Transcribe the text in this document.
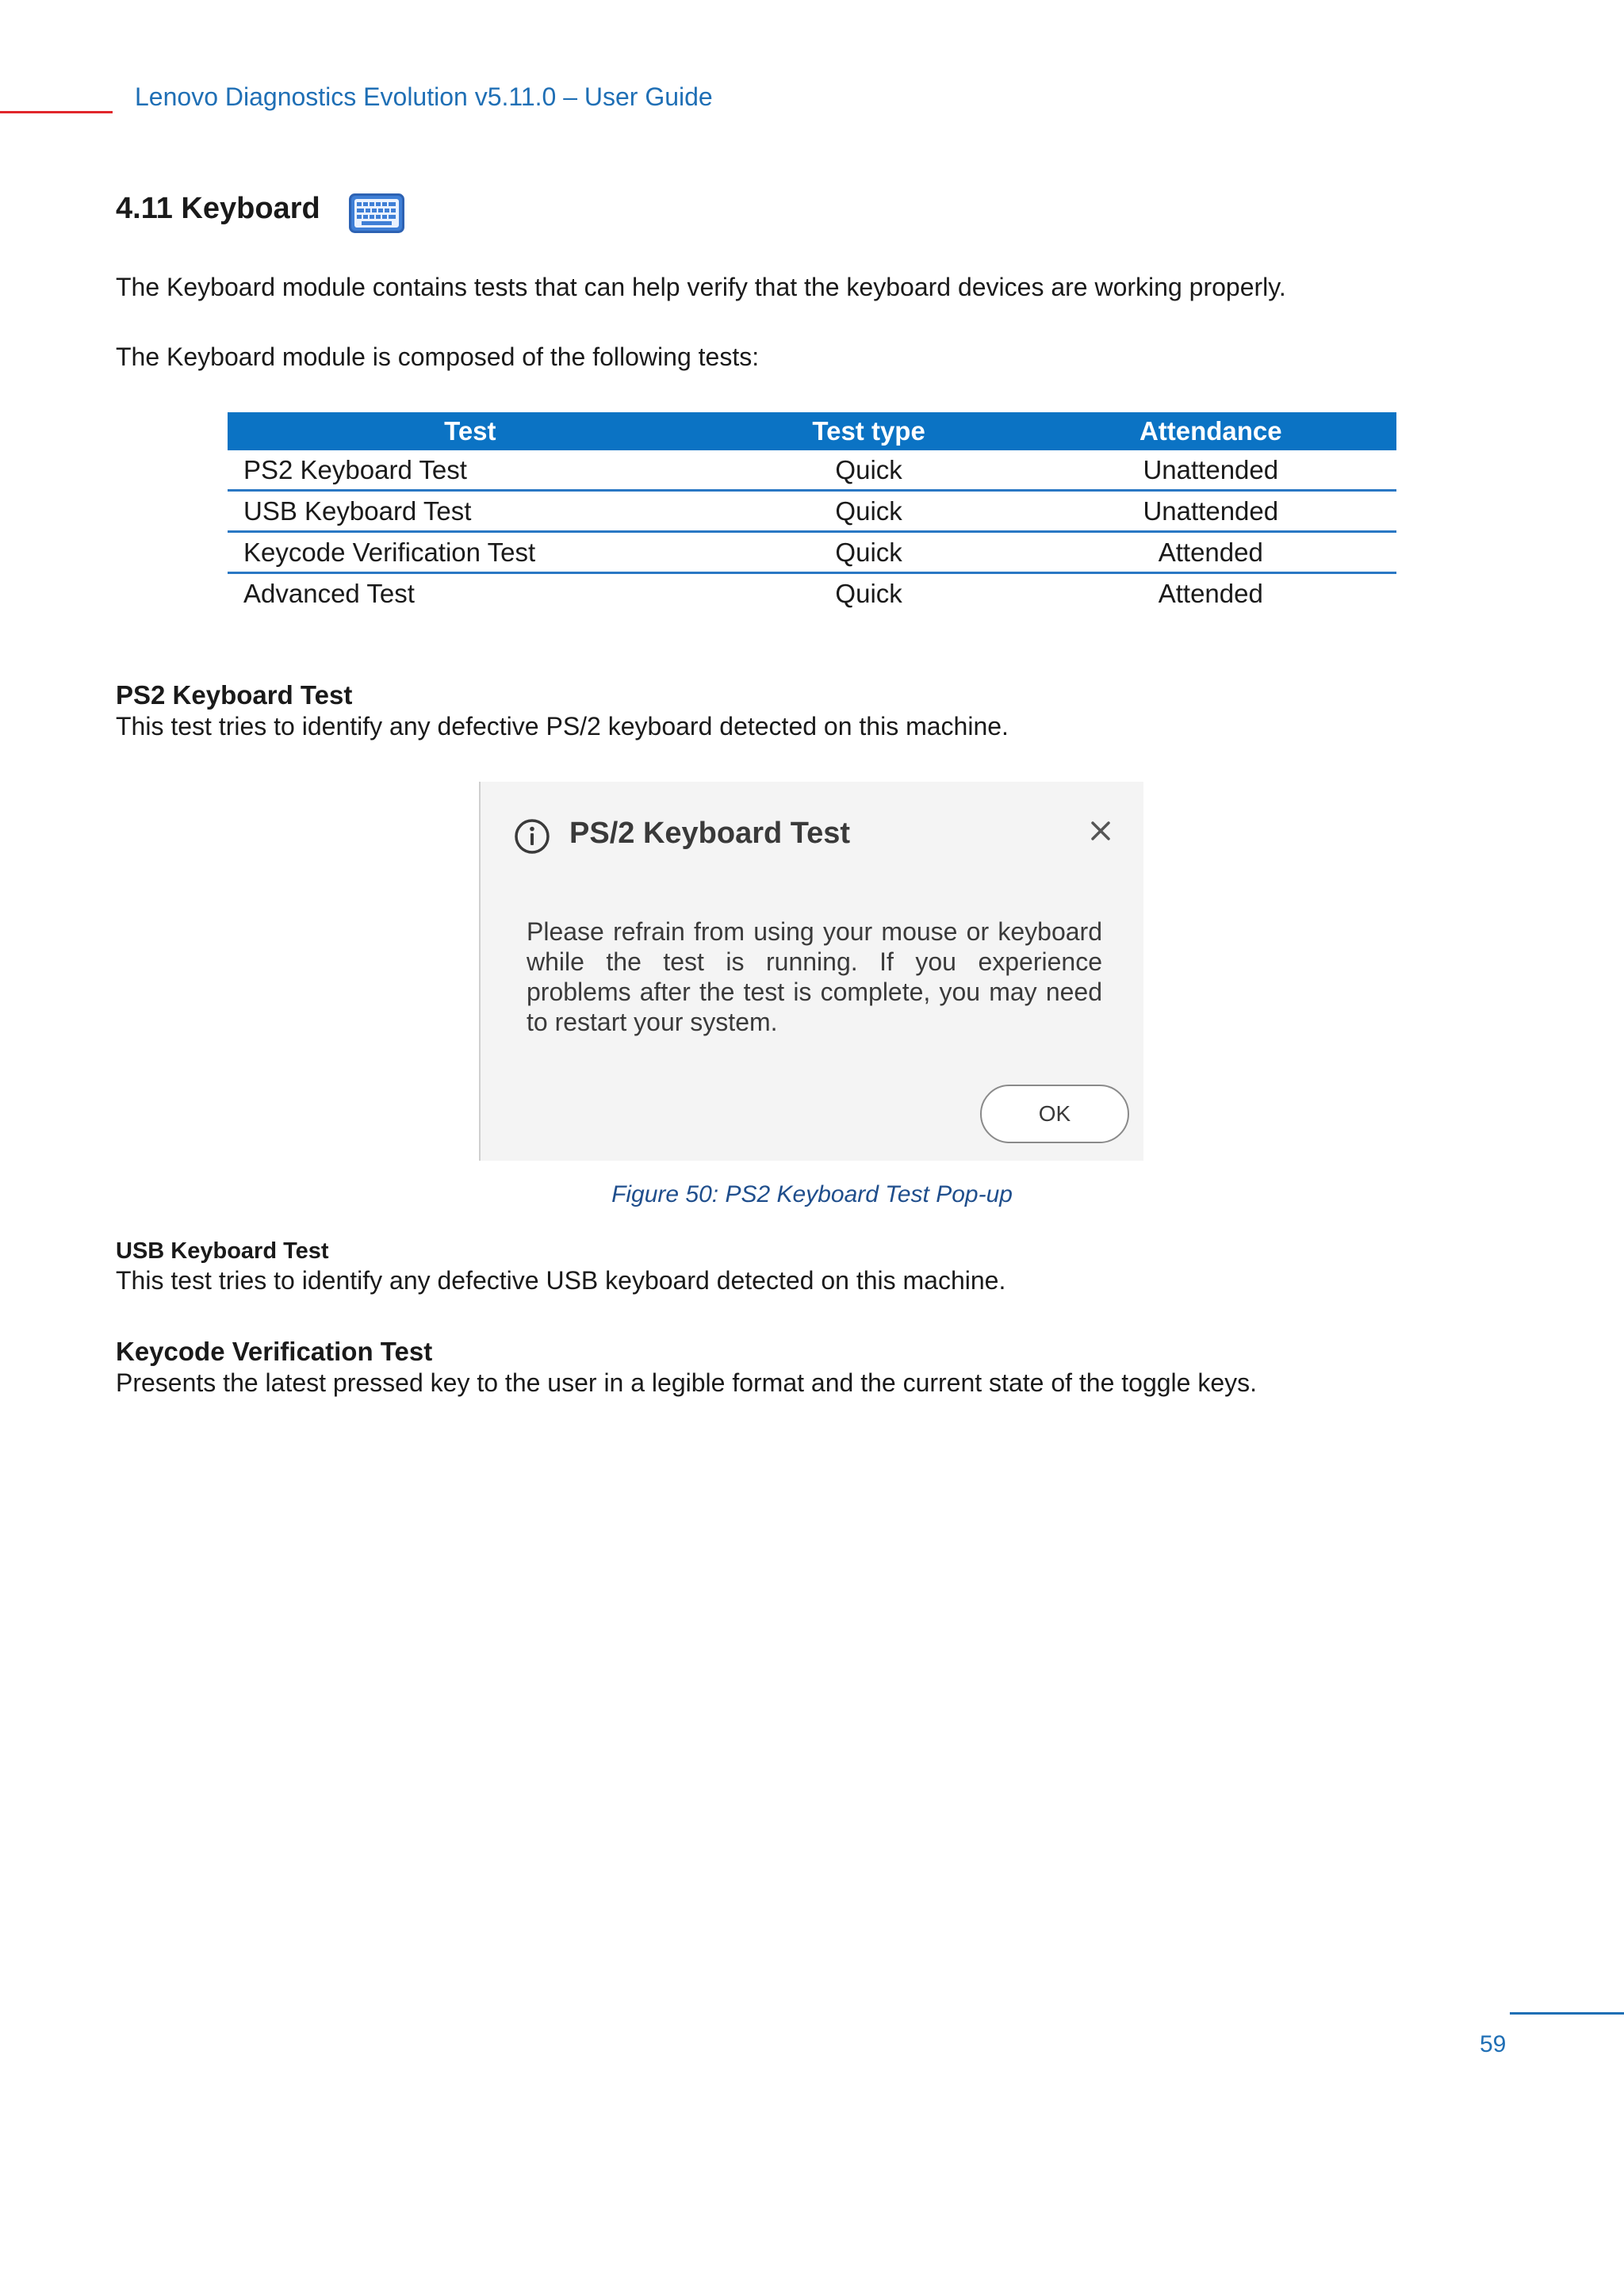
Lenovo Diagnostics Evolution v5.11.0 – User Guide
4.11 Keyboard
The Keyboard module contains tests that can help verify that the keyboard devices are working properly.
The Keyboard module is composed of the following tests:
Test	Test type	Attendance
PS2 Keyboard Test	Quick	Unattended
USB Keyboard Test	Quick	Unattended
Keycode Verification Test	Quick	Attended
Advanced Test	Quick	Attended
PS2 Keyboard Test
This test tries to identify any defective PS/2 keyboard detected on this machine.
PS/2 Keyboard Test
Please refrain from using your mouse or keyboard while the test is running. If you experience problems after the test is complete, you may need to restart your system.
OK
Figure 50: PS2 Keyboard Test Pop-up
USB Keyboard Test
This test tries to identify any defective USB keyboard detected on this machine.
Keycode Verification Test
Presents the latest pressed key to the user in a legible format and the current state of the toggle keys.
59
